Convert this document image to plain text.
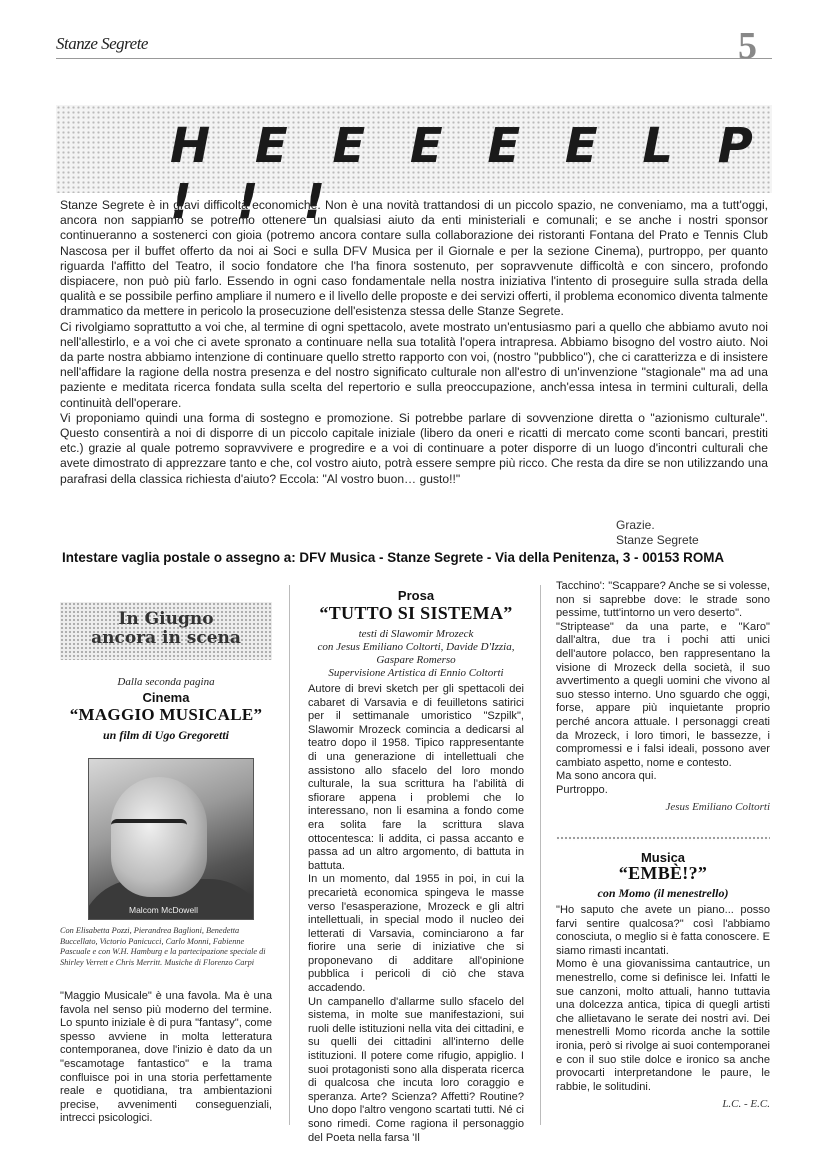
Stanze Segrete	5
H E E E E E L P ! ! !

Stanze Segrete è in gravi difficoltà economiche. Non è una novità trattandosi di un piccolo spazio, ne conveniamo, ma a tutt'oggi, ancora non sappiamo se potremo ottenere un qualsiasi aiuto da enti ministeriali e comunali; e se anche i nostri sponsor continueranno a sostenerci con gioia (potremo ancora contare sulla collaborazione dei ristoranti Fontana del Prato e Tennis Club Nascosa per il buffet offerto da noi ai Soci e sulla DFV Musica per il Giornale e per la sezione Cinema), purtroppo, per quanto riguarda l'affitto del Teatro, il socio fondatore che l'ha finora sostenuto, per sopravvenute difficoltà e con sincero, profondo dispiacere, non può più farlo. Essendo in ogni caso fondamentale nella nostra iniziativa l'intento di proseguire sulla strada della qualità e se possibile perfino ampliare il numero e il livello delle proposte e dei servizi offerti, il problema economico diventa talmente drammatico da mettere in pericolo la prosecuzione dell'esistenza stessa delle Stanze Segrete.

Ci rivolgiamo soprattutto a voi che, al termine di ogni spettacolo, avete mostrato un'entusiasmo pari a quello che abbiamo avuto noi nell'allestirlo, e a voi che ci avete spronato a continuare nella sua totalità l'opera intrapresa. Abbiamo bisogno del vostro aiuto. Noi da parte nostra abbiamo intenzione di continuare quello stretto rapporto con voi, (nostro "pubblico"), che ci caratterizza e di insistere nell'affidare la ragione della nostra presenza e del nostro significato culturale non all'estro di un'invenzione "stagionale" ma ad una paziente e meditata ricerca fondata sulla scelta del repertorio e sulla preoccupazione, anch'essa intesa in termini culturali, della continuità dell'operare.

Vi proponiamo quindi una forma di sostegno e promozione. Si potrebbe parlare di sovvenzione diretta o "azionismo culturale". Questo consentirà a noi di disporre di un piccolo capitale iniziale (libero da oneri e ricatti di mercato come sconti bancari, prestiti etc.) grazie al quale potremo sopravvivere e progredire e a voi di continuare a poter disporre di un luogo d'incontri culturali che avete dimostrato di apprezzare tanto e che, col vostro aiuto, potrà essere sempre più ricco. Che resta da dire se non utilizzando una parafrasi della classica richiesta d'aiuto? Eccola: "Al vostro buon… gusto!!"

Grazie.
Stanze Segrete
Intestare vaglia postale o assegno a: DFV Musica - Stanze Segrete - Via della Penitenza, 3 - 00153 ROMA
In Giugno
ancora in scena
Dalla seconda pagina
Cinema
“MAGGIO MUSICALE”
un film di Ugo Gregoretti
Malcom McDowell
Con Elisabetta Pozzi, Pierandrea Baglioni, Benedetta Buccellato, Victorio Panicucci, Carlo Monni, Fabienne Pascuale e con W.H. Hamburg e la partecipazione speciale di Shirley Verrett e Chris Merritt. Musiche di Florenzo Carpi
"Maggio Musicale" è una favola. Ma è una favola nel senso più moderno del termine. Lo spunto iniziale è di pura "fantasy", come spesso avviene in molta letteratura contemporanea, dove l'inizio è dato da un "escamotage fantastico" e la trama confluisce poi in una storia perfettamente reale e quotidiana, tra ambientazioni precise, avvenimenti conseguenziali, intrecci psicologici.
Prosa
“TUTTO SI SISTEMA”
testi di Slawomir Mrozeck
con Jesus Emiliano Coltorti, Davide D'Izzia,
Gaspare Romerso
Supervisione Artistica di Ennio Coltorti

Autore di brevi sketch per gli spettacoli dei cabaret di Varsavia e di feuilletons satirici per il settimanale umoristico "Szpilk", Slawomir Mrozeck comincia a dedicarsi al teatro dopo il 1958. Tipico rappresentante di una generazione di intellettuali che assistono allo sfacelo del loro mondo culturale, la sua scrittura ha l'abilità di sfiorare appena i problemi che lo interessano, non li esamina a fondo come era solita fare la scrittura slava ottocentesca: li addita, ci passa accanto e passa ad un altro argomento, di battuta in battuta.

In un momento, dal 1955 in poi, in cui la precarietà economica spingeva le masse verso l'esasperazione, Mrozeck e gli altri intellettuali, in special modo il nucleo dei letterati di Varsavia, cominciarono a far fiorire una serie di iniziative che si proponevano di additare all'opinione pubblica i pericoli di ciò che stava accadendo.

Un campanello d'allarme sullo sfacelo del sistema, in molte sue manifestazioni, sui ruoli delle istituzioni nella vita dei cittadini, e su quelli dei cittadini all'interno delle istituzioni. Il potere come rifugio, appiglio. I suoi protagonisti sono alla disperata ricerca di qualcosa che incuta loro coraggio e speranza. Arte? Scienza? Affetti? Routine? Uno dopo l'altro vengono scartati tutti. Né ci sono rimedi. Come ragiona il personaggio del Poeta nella farsa 'Il

Tacchino': "Scappare? Anche se si volesse, non si saprebbe dove: le strade sono pessime, tutt'intorno un vero deserto".

"Striptease" da una parte, e "Karo" dall'altra, due tra i pochi atti unici dell'autore polacco, ben rappresentano la visione di Mrozeck della società, il suo avvertimento a quegli uomini che vivono al suo stesso interno. Uno sguardo che oggi, forse, appare più inquietante proprio perché ancora attuale. I personaggi creati da Mrozeck, i loro timori, le bassezze, i compromessi e i falsi ideali, possono aver cambiato aspetto, nome e contesto.

Ma sono ancora qui.

Purtroppo.

Jesus Emiliano Coltorti
Musica
“EMBÈ!?”
con Momo (il menestrello)

"Ho saputo che avete un piano... posso farvi sentire qualcosa?" così l'abbiamo conosciuta, o meglio si è fatta conoscere. E siamo rimasti incantati.

Momo è una giovanissima cantautrice, un menestrello, come si definisce lei. Infatti le sue canzoni, molto attuali, hanno tuttavia una dolcezza antica, tipica di quegli artisti che allietavano le serate dei nostri avi. Dei menestrelli Momo ricorda anche la sottile ironia, però si rivolge ai suoi contemporanei e con il suo stile dolce e ironico sa anche provocarti interpretandone le paure, le rabbie, le solitudini.

L.C. - E.C.
